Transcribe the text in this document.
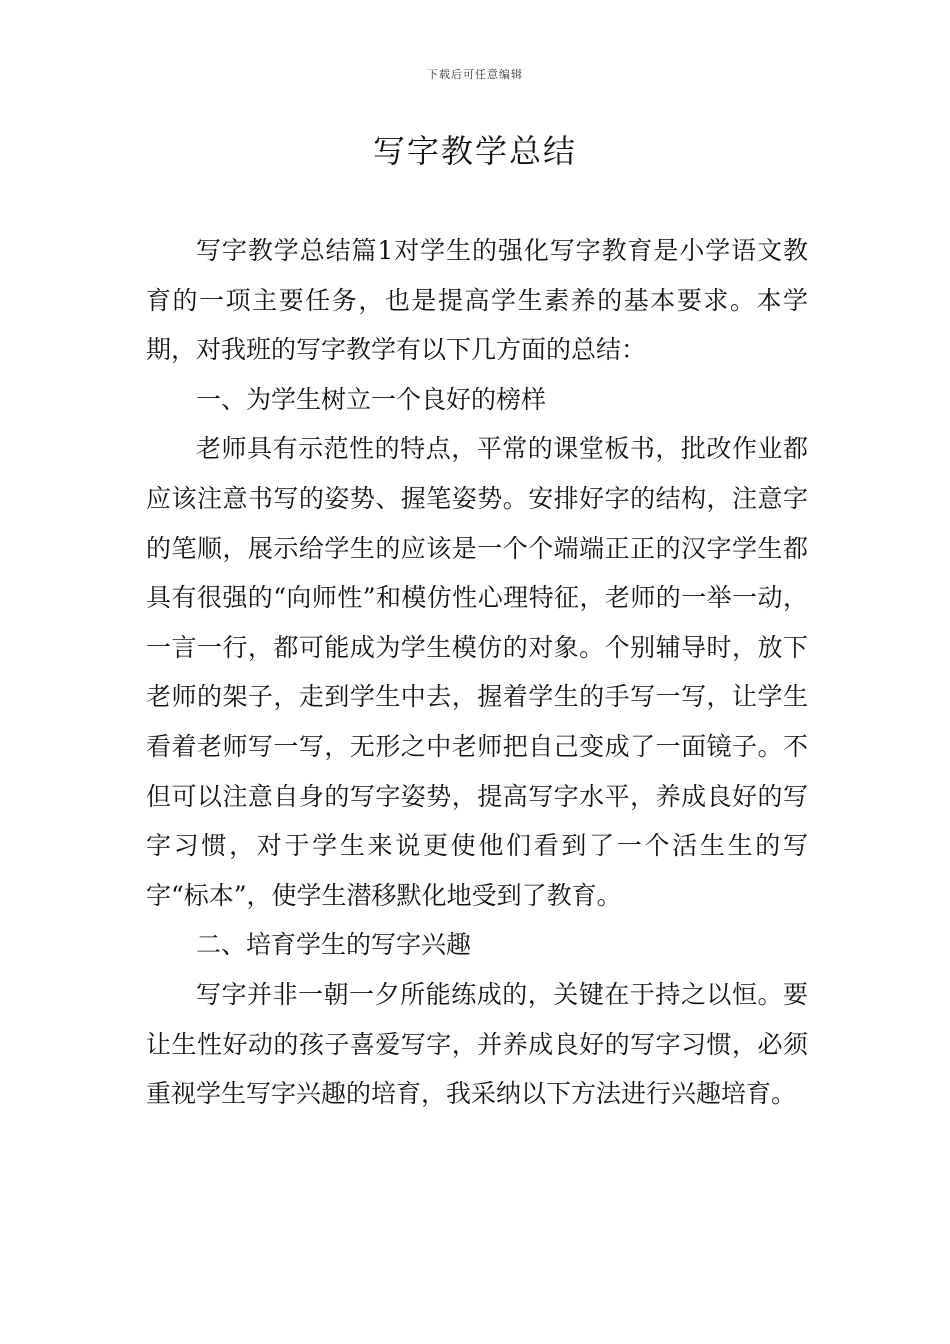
下载后可任意编辑
写字教学总结

写字教学总结篇1对学生的强化写字教育是小学语文教育的一项主要任务，也是提高学生素养的基本要求。本学期，对我班的写字教学有以下几方面的总结：

一、为学生树立一个良好的榜样

老师具有示范性的特点，平常的课堂板书，批改作业都应该注意书写的姿势、握笔姿势。安排好字的结构，注意字的笔顺，展示给学生的应该是一个个端端正正的汉字学生都具有很强的“向师性”和模仿性心理特征，老师的一举一动，一言一行，都可能成为学生模仿的对象。个别辅导时，放下老师的架子，走到学生中去，握着学生的手写一写，让学生看着老师写一写，无形之中老师把自己变成了一面镜子。不但可以注意自身的写字姿势，提高写字水平，养成良好的写字习惯，对于学生来说更使他们看到了一个活生生的写字“标本”，使学生潜移默化地受到了教育。

二、培育学生的写字兴趣

写字并非一朝一夕所能练成的，关键在于持之以恒。要让生性好动的孩子喜爱写字，并养成良好的写字习惯，必须重视学生写字兴趣的培育，我采纳以下方法进行兴趣培育。
